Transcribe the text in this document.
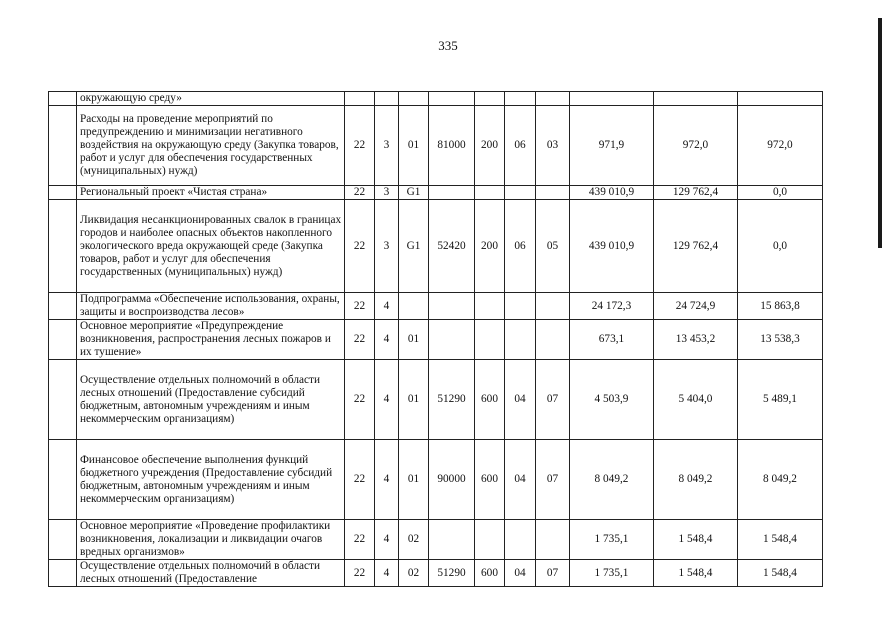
335
	окружающую среду»										
	Расходы на проведение мероприятий по предупреждению и минимизации негативного воздействия на окружающую среду (Закупка товаров, работ и услуг для обеспечения государственных (муниципальных) нужд)	22	3	01	81000	200	06	03	971,9	972,0	972,0
	Региональный проект «Чистая страна»	22	3	G1					439 010,9	129 762,4	0,0
	Ликвидация несанкционированных свалок в границах городов и наиболее опасных объектов накопленного экологического вреда окружающей среде (Закупка товаров, работ и услуг для обеспечения государственных (муниципальных) нужд)	22	3	G1	52420	200	06	05	439 010,9	129 762,4	0,0
	Подпрограмма «Обеспечение использования, охраны, защиты и воспроизводства лесов»	22	4						24 172,3	24 724,9	15 863,8
	Основное мероприятие «Предупреждение возникновения, распространения лесных пожаров и их тушение»	22	4	01					673,1	13 453,2	13 538,3
	Осуществление отдельных полномочий в области лесных отношений (Предоставление субсидий бюджетным, автономным учреждениям и иным некоммерческим организациям)	22	4	01	51290	600	04	07	4 503,9	5 404,0	5 489,1
	Финансовое обеспечение выполнения функций бюджетного учреждения (Предоставление субсидий бюджетным, автономным учреждениям и иным некоммерческим организациям)	22	4	01	90000	600	04	07	8 049,2	8 049,2	8 049,2
	Основное мероприятие «Проведение профилактики возникновения, локализации и ликвидации очагов вредных организмов»	22	4	02					1 735,1	1 548,4	1 548,4
	Осуществление отдельных полномочий в области лесных отношений (Предоставление	22	4	02	51290	600	04	07	1 735,1	1 548,4	1 548,4
